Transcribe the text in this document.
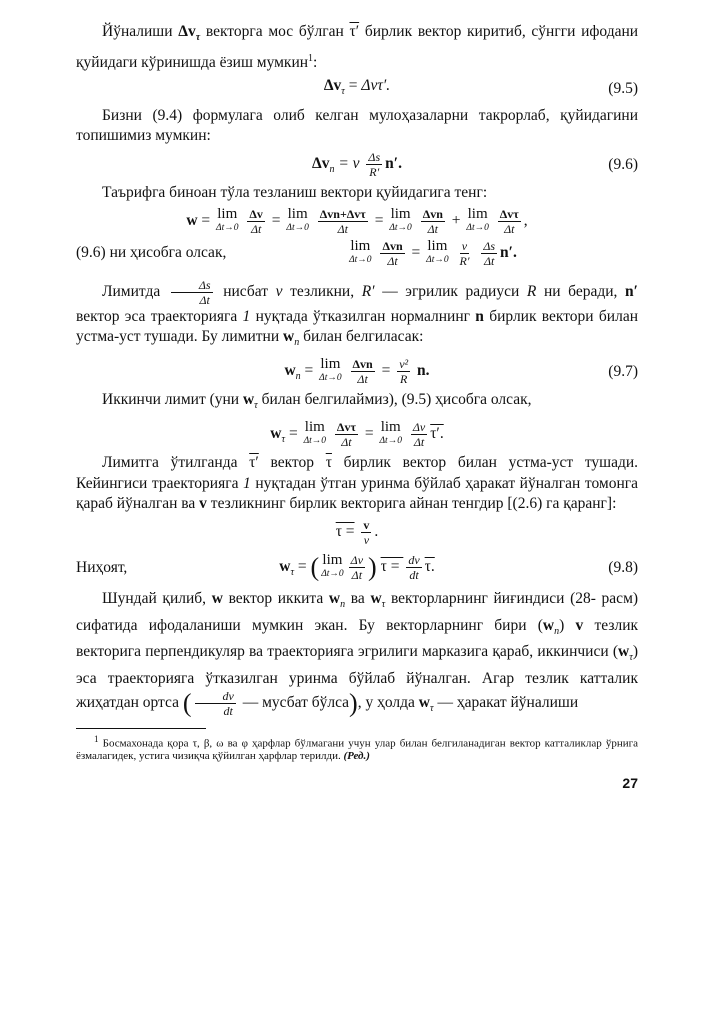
Йўналиши $\Delta v_\tau$ векторга мос бўлган τ′ бирлик вектор киритиб, сўнгги ифодани қуйидаги кўринишда ёзиш мумкин$^1$:

$\Delta v_\tau = \Delta v\tau'$.	(9.5)

Бизни (9.4) формулага олиб келган мулоҳазаларни такрорлаб, қуйидагини топишимиз мумкин:

$\Delta v_n = v \frac{\Delta s}{R'} n'$.	(9.6)

Таърифга биноан тўла тезланиш вектори қуйидагига тенг:

w = lim
Δt→0
$\frac{\Delta v}{\Delta t} = \lim$
Δt→0
$\frac{\text{Δvn+Δvτ}}{\Delta t} = \lim$
Δt→0
$\frac{\text{Δvn}}{\Delta t} + \lim$
Δt→0
$\frac{\text{Δvτ}}{\Delta t}$ ,
(9.6) ни ҳисобга олсак,	lim
Δt→0
$\frac{\text{Δvn}}{\Delta t} = \lim$
Δt→0
$\frac{v}{R'}$
$\frac{\Delta s}{\Delta t} n'$.

Лимитда $\frac{\Delta s}{\Delta t}$ нисбат v тезликни, R′ — эгрилик радиуси R ни беради, n′ вектор эса траекторияга 1 нуқтада ўтказилган нормалнинг n бирлик вектори билан устма-уст тушади. Бу лимитни $w_n$ билан белгиласак:

$w_n = \lim$
Δt→0
$\frac{\text{Δvn}}{\Delta t} = \frac{\text{v²}}{R} n$.	(9.7)

Иккинчи лимит (уни $w_\tau$ билан белгилаймиз), (9.5) ҳисобга олсак,

$w_\tau = \lim$
Δt→0
$\frac{\text{Δvτ}}{\Delta t} = \lim$
Δt→0
$\frac{\Delta v}{\Delta t} \tau'$.

Лимитга ўтилганда τ′ вектор $\overline{\tau}$ бирлик вектор билан устма-уст тушади. Кейингиси траекторияга 1 нуқтадан ўтган уринма бўйлаб ҳаракат йўналган томонга қараб йўналган ва v тезликнинг бирлик векторига айнан тенгдир [(2.6) га қаранг]:

$\tau = \frac{v}{v}$ .
Ниҳоят,	$w_\tau$ = ( lim
$\Delta t\to 0 \frac{\Delta v}{\Delta t}$ ) $\tau = \frac{dv}{dt} \tau$.	(9.8)

Шундай қилиб, w вектор иккита $w_n$ ва $w_\tau$ векторларнинг йиғиндиси (28- расм) сифатида ифодаланиши мумкин экан. Бу векторларнинг бири $(w_n)$ v тезлик векторига перпендикуляр ва траекторияга эгрилиги марказига қараб, иккинчиси $(w_\tau)$ эса траекторияга ўтказилган уринма бўйлаб йўналган. Агар тезлик катталик жиҳатдан ортса ( $\frac{dv}{dt}$ — мусбат бўлса), у ҳолда $w_\tau$ — ҳаракат йўналиши

$^1$ Босмахонада қора τ, β, ω ва φ ҳарфлар бўлмагани учун улар билан белгиланадиган вектор катталиклар ўрнига ёзмалагидек, устига чизиқча қўйилган ҳарфлар терилди. (Ред.)

27
